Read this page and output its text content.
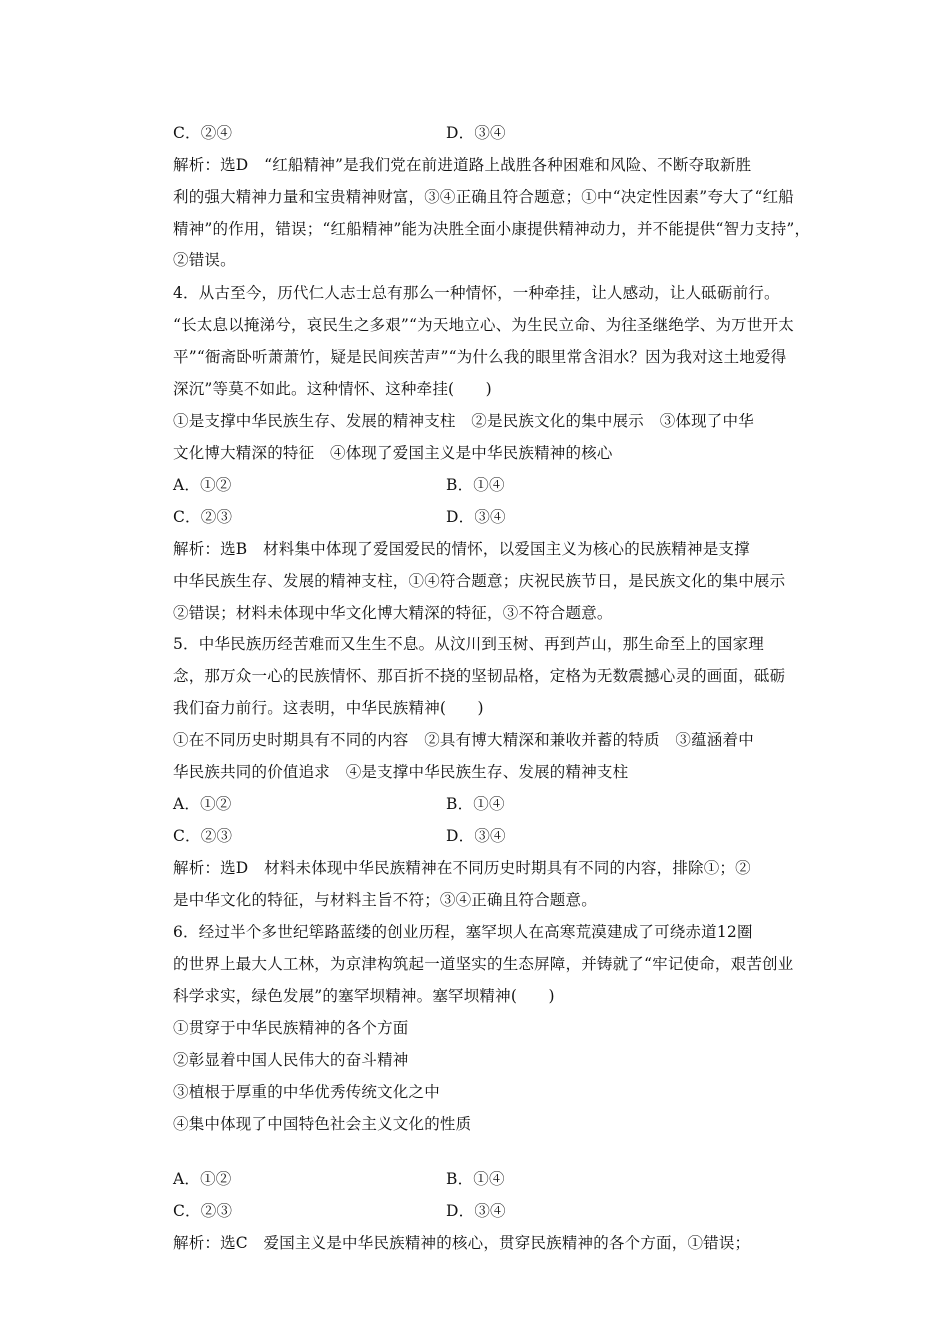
C．②④	D．③④
解析：选D　“红船精神”是我们党在前进道路上战胜各种困难和风险、不断夺取新胜
利的强大精神力量和宝贵精神财富，③④正确且符合题意；①中“决定性因素”夸大了“红船
精神”的作用，错误；“红船精神”能为决胜全面小康提供精神动力，并不能提供“智力支持”，
②错误。
4．从古至今，历代仁人志士总有那么一种情怀，一种牵挂，让人感动，让人砥砺前行。
“长太息以掩涕兮，哀民生之多艰”“为天地立心、为生民立命、为往圣继绝学、为万世开太
平”“衙斋卧听萧萧竹，疑是民间疾苦声”“为什么我的眼里常含泪水？因为我对这土地爱得
深沉”等莫不如此。这种情怀、这种牵挂(　　)
①是支撑中华民族生存、发展的精神支柱　②是民族文化的集中展示　③体现了中华
文化博大精深的特征　④体现了爱国主义是中华民族精神的核心
A．①②	B．①④
C．②③	D．③④
解析：选B　材料集中体现了爱国爱民的情怀，以爱国主义为核心的民族精神是支撑
中华民族生存、发展的精神支柱，①④符合题意；庆祝民族节日，是民族文化的集中展示
②错误；材料未体现中华文化博大精深的特征，③不符合题意。
5．中华民族历经苦难而又生生不息。从汶川到玉树、再到芦山，那生命至上的国家理
念，那万众一心的民族情怀、那百折不挠的坚韧品格，定格为无数震撼心灵的画面，砥砺
我们奋力前行。这表明，中华民族精神(　　)
①在不同历史时期具有不同的内容　②具有博大精深和兼收并蓄的特质　③蕴涵着中
华民族共同的价值追求　④是支撑中华民族生存、发展的精神支柱
A．①②	B．①④
C．②③	D．③④
解析：选D　材料未体现中华民族精神在不同历史时期具有不同的内容，排除①；②
是中华文化的特征，与材料主旨不符；③④正确且符合题意。
6．经过半个多世纪筚路蓝缕的创业历程，塞罕坝人在高寒荒漠建成了可绕赤道12圈
的世界上最大人工林，为京津构筑起一道坚实的生态屏障，并铸就了“牢记使命，艰苦创业
科学求实，绿色发展”的塞罕坝精神。塞罕坝精神(　　)
①贯穿于中华民族精神的各个方面
②彰显着中国人民伟大的奋斗精神
③植根于厚重的中华优秀传统文化之中
④集中体现了中国特色社会主义文化的性质
A．①②	B．①④
C．②③	D．③④
解析：选C　爱国主义是中华民族精神的核心，贯穿民族精神的各个方面，①错误；
